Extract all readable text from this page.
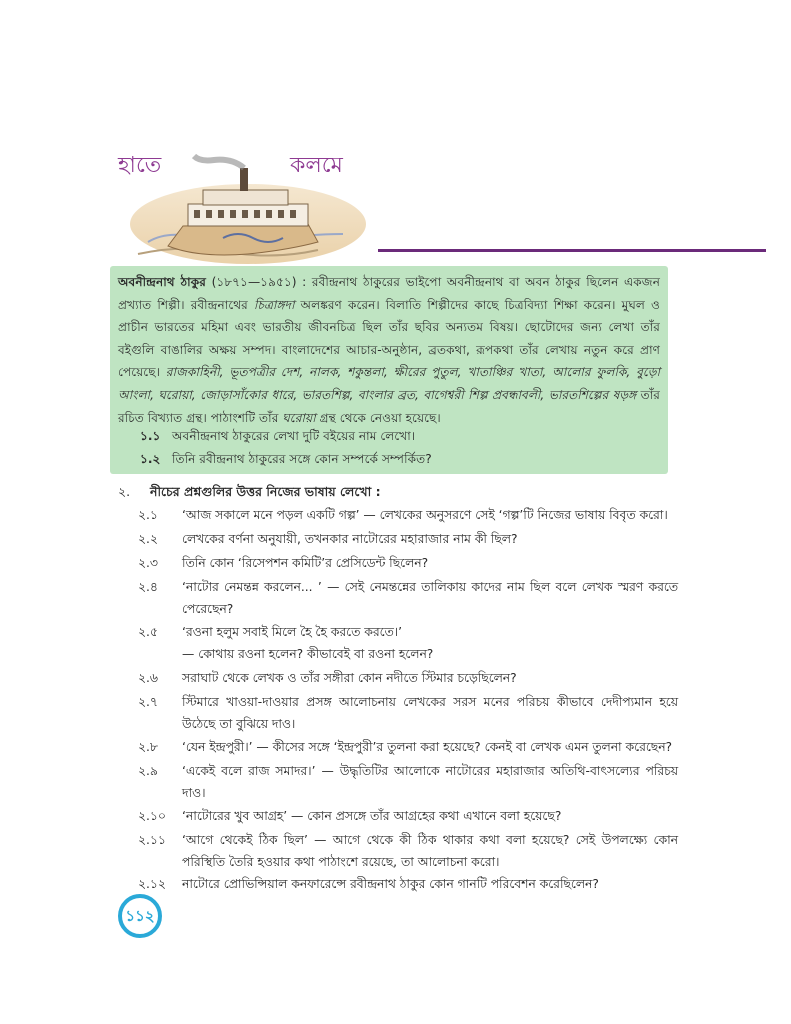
হাতে	কলমে
অবনীন্দ্রনাথ ঠাকুর (১৮৭১—১৯৫১) : রবীন্দ্রনাথ ঠাকুরের ভাইপো অবনীন্দ্রনাথ বা অবন ঠাকুর ছিলেন একজন প্রখ্যাত শিল্পী। রবীন্দ্রনাথের চিত্রাঙ্গদা অলঙ্করণ করেন। বিলাতি শিল্পীদের কাছে চিত্রবিদ্যা শিক্ষা করেন। মুঘল ও প্রাচীন ভারতের মহিমা এবং ভারতীয় জীবনচিত্র ছিল তাঁর ছবির অন্যতম বিষয়। ছোটোদের জন্য লেখা তাঁর বইগুলি বাঙালির অক্ষয় সম্পদ। বাংলাদেশের আচার-অনুষ্ঠান, ব্রতকথা, রূপকথা তাঁর লেখায় নতুন করে প্রাণ পেয়েছে। রাজকাহিনী, ভূতপত্রীর দেশ, নালক, শকুন্তলা, ক্ষীরের পুতুল, খাতাঞ্চির খাতা, আলোর ফুলকি, বুড়ো আংলা, ঘরোয়া, জোড়াসাঁকোর ধারে, ভারতশিল্প, বাংলার ব্রত, বাগেশ্বরী শিল্প প্রবন্ধাবলী, ভারতশিল্পের ষড়ঙ্গ তাঁর রচিত বিখ্যাত গ্রন্থ। পাঠাংশটি তাঁর ঘরোয়া গ্রন্থ থেকে নেওয়া হয়েছে।
১.১ অবনীন্দ্রনাথ ঠাকুরের লেখা দুটি বইয়ের নাম লেখো।
১.২ তিনি রবীন্দ্রনাথ ঠাকুরের সঙ্গে কোন সম্পর্কে সম্পর্কিত?
২. নীচের প্রশ্নগুলির উত্তর নিজের ভাষায় লেখো :
২.১	‘আজ সকালে মনে পড়ল একটি গল্প’ — লেখকের অনুসরণে সেই ‘গল্প’টি নিজের ভাষায় বিবৃত করো।
২.২	লেখকের বর্ণনা অনুযায়ী, তখনকার নাটোরের মহারাজার নাম কী ছিল?
২.৩	তিনি কোন ‘রিসেপশন কমিটি’র প্রেসিডেন্ট ছিলেন?
২.৪	‘নাটোর নেমন্তন্ন করলেন... ’ — সেই নেমন্তন্নের তালিকায় কাদের নাম ছিল বলে লেখক স্মরণ করতে পেরেছেন?
২.৫	‘রওনা হলুম সবাই মিলে হৈ হৈ করতে করতে।’
— কোথায় রওনা হলেন? কীভাবেই বা রওনা হলেন?
২.৬	সরাঘাট থেকে লেখক ও তাঁর সঙ্গীরা কোন নদীতে স্টিমার চড়েছিলেন?
২.৭	স্টিমারে খাওয়া-দাওয়ার প্রসঙ্গ আলোচনায় লেখকের সরস মনের পরিচয় কীভাবে দেদীপ্যমান হয়ে উঠেছে তা বুঝিয়ে দাও।
২.৮	‘যেন ইন্দ্রপুরী।’ — কীসের সঙ্গে ‘ইন্দ্রপুরী’র তুলনা করা হয়েছে? কেনই বা লেখক এমন তুলনা করেছেন?
২.৯	‘একেই বলে রাজ সমাদর।’ — উদ্ধৃতিটির আলোকে নাটোরের মহারাজার অতিথি-বাৎসল্যের পরিচয় দাও।
২.১০	‘নাটোরের খুব আগ্রহ’ — কোন প্রসঙ্গে তাঁর আগ্রহের কথা এখানে বলা হয়েছে?
২.১১	‘আগে থেকেই ঠিক ছিল’ — আগে থেকে কী ঠিক থাকার কথা বলা হয়েছে? সেই উপলক্ষ্যে কোন পরিস্থিতি তৈরি হওয়ার কথা পাঠাংশে রয়েছে, তা আলোচনা করো।
২.১২	নাটোরে প্রোভিন্সিয়াল কনফারেন্সে রবীন্দ্রনাথ ঠাকুর কোন গানটি পরিবেশন করেছিলেন?
১১২
